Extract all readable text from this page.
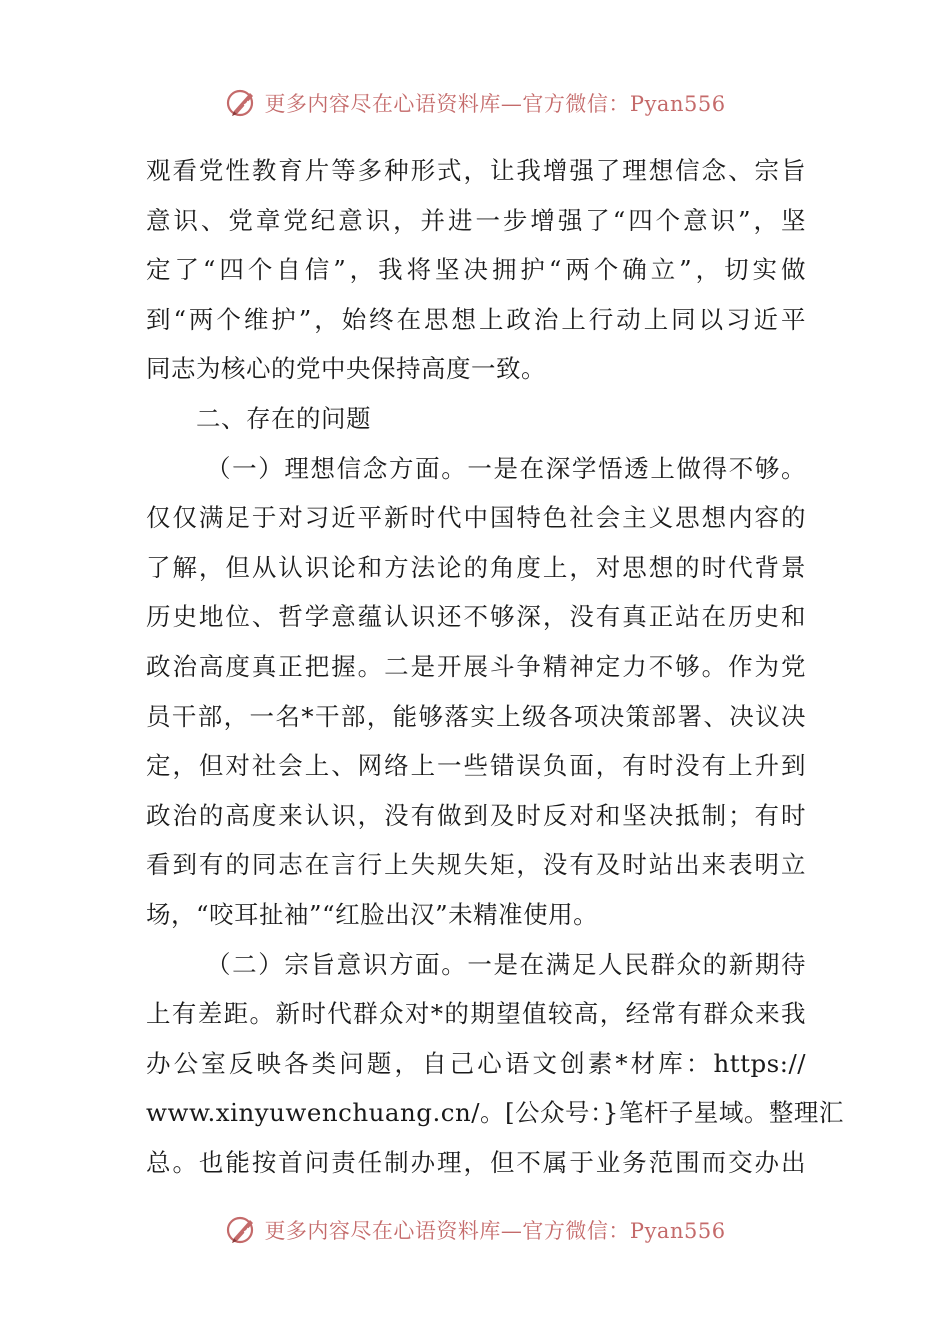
更多内容尽在心语资料库—官方微信：Pyan556
观看党性教育片等多种形式，让我增强了理想信念、宗旨
意识、党章党纪意识，并进一步增强了“四个意识”，坚
定了“四个自信”，我将坚决拥护“两个确立”，切实做
到“两个维护”，始终在思想上政治上行动上同以习近平
同志为核心的党中央保持高度一致。
二、存在的问题
（一）理想信念方面。一是在深学悟透上做得不够。
仅仅满足于对习近平新时代中国特色社会主义思想内容的
了解，但从认识论和方法论的角度上，对思想的时代背景
历史地位、哲学意蕴认识还不够深，没有真正站在历史和
政治高度真正把握。二是开展斗争精神定力不够。作为党
员干部，一名*干部，能够落实上级各项决策部署、决议决
定，但对社会上、网络上一些错误负面，有时没有上升到
政治的高度来认识，没有做到及时反对和坚决抵制；有时
看到有的同志在言行上失规失矩，没有及时站出来表明立
场，“咬耳扯袖”“红脸出汉”未精准使用。
（二）宗旨意识方面。一是在满足人民群众的新期待
上有差距。新时代群众对*的期望值较高，经常有群众来我
办公室反映各类问题，自己心语文创素*材库：https://
www.xinyuwenchuang.cn/。[公众号：}笔杆子星域。整理汇
总。也能按首问责任制办理，但不属于业务范围而交办出
更多内容尽在心语资料库—官方微信：Pyan556
